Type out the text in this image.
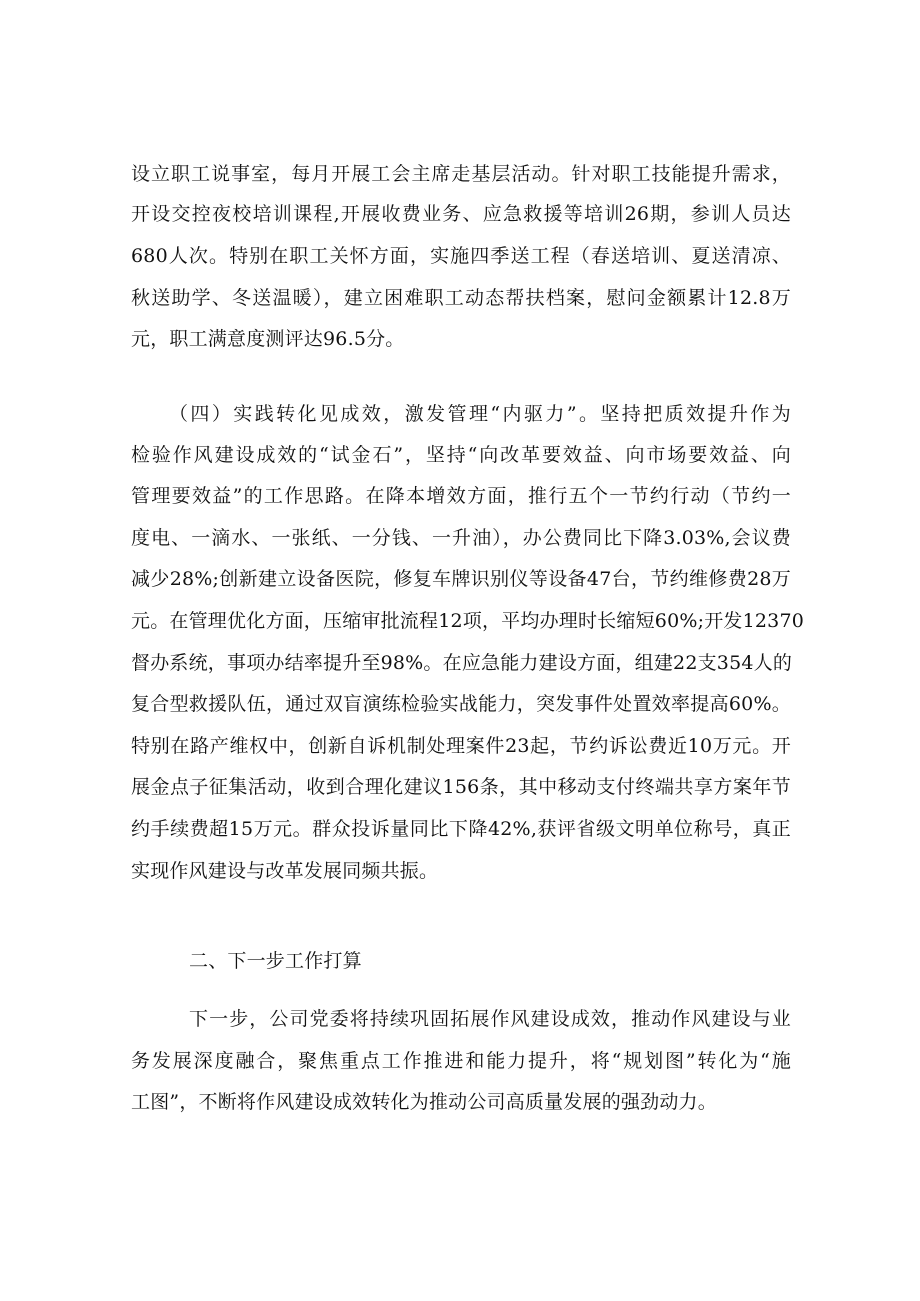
设立职工说事室，每月开展工会主席走基层活动。针对职工技能提升需求，
开设交控夜校培训课程,开展收费业务、应急救援等培训26期，参训人员达
680人次。特别在职工关怀方面，实施四季送工程（春送培训、夏送清凉、
秋送助学、冬送温暖），建立困难职工动态帮扶档案，慰问金额累计12.8万
元，职工满意度测评达96.5分。
（四）实践转化见成效，激发管理“内驱力”。坚持把质效提升作为
检验作风建设成效的“试金石”，坚持“向改革要效益、向市场要效益、向
管理要效益”的工作思路。在降本增效方面，推行五个一节约行动（节约一
度电、一滴水、一张纸、一分钱、一升油），办公费同比下降3.03%,会议费
减少28%;创新建立设备医院，修复车牌识别仪等设备47台，节约维修费28万
元。在管理优化方面，压缩审批流程12项，平均办理时长缩短60%;开发12370
督办系统，事项办结率提升至98%。在应急能力建设方面，组建22支354人的
复合型救援队伍，通过双盲演练检验实战能力，突发事件处置效率提高60%。
特别在路产维权中，创新自诉机制处理案件23起，节约诉讼费近10万元。开
展金点子征集活动，收到合理化建议156条，其中移动支付终端共享方案年节
约手续费超15万元。群众投诉量同比下降42%,获评省级文明单位称号，真正
实现作风建设与改革发展同频共振。
二、下一步工作打算
下一步，公司党委将持续巩固拓展作风建设成效，推动作风建设与业
务发展深度融合，聚焦重点工作推进和能力提升，将“规划图”转化为“施
工图”，不断将作风建设成效转化为推动公司高质量发展的强劲动力。
